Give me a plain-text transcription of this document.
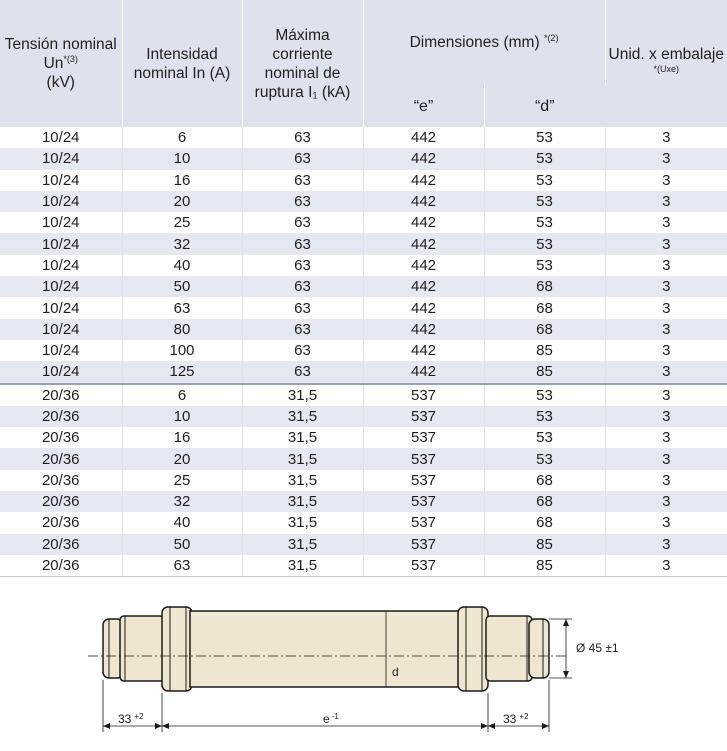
Tensión nominal Un$^{*(3)}$
(kV)	Intensidad nominal In (A)	Máxima corriente nominal de ruptura I₁ (kA)	Dimensiones (mm) $^{*(2)}$		Unid. x embalaje $^{*(Uxe)}$
			“e”	“d”	
10/24	6	63	442	53	3
10/24	10	63	442	53	3
10/24	16	63	442	53	3
10/24	20	63	442	53	3
10/24	25	63	442	53	3
10/24	32	63	442	53	3
10/24	40	63	442	53	3
10/24	50	63	442	68	3
10/24	63	63	442	68	3
10/24	80	63	442	68	3
10/24	100	63	442	85	3
10/24	125	63	442	85	3
20/36	6	31,5	537	53	3
20/36	10	31,5	537	53	3
20/36	16	31,5	537	53	3
20/36	20	31,5	537	53	3
20/36	25	31,5	537	68	3
20/36	32	31,5	537	68	3
20/36	40	31,5	537	68	3
20/36	50	31,5	537	85	3
20/36	63	31,5	537	85	3
Ø 45 ±1
d
33 $^{+2}$	e $^{-1}$	33 $^{+2}$
